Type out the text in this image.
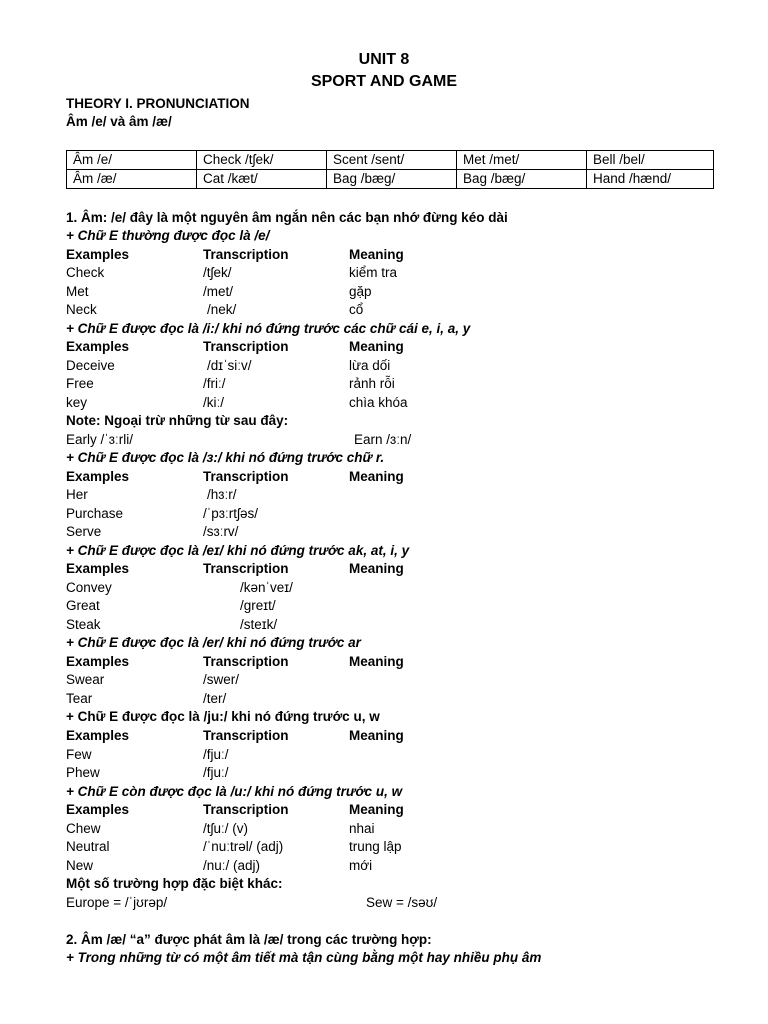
UNIT 8
SPORT AND GAME
THEORY I. PRONUNCIATION
Âm /e/ và âm /æ/
Âm /e/	Check /tʃek/	Scent /sent/	Met /met/	Bell /bel/
Âm /æ/	Cat /kæt/	Bag /bæg/	Bag /bæg/	Hand /hænd/
1. Âm: /e/ đây là một nguyên âm ngắn nên các bạn nhớ đừng kéo dài
+ Chữ E thường được đọc là /e/
Examples	Transcription	Meaning
Check	/tʃek/	kiểm tra
Met	/met/	gặp
Neck	/nek/	cổ
+ Chữ E được đọc là /i:/ khi nó đứng trước các chữ cái e, i, a, y
Examples	Transcription	Meaning
Deceive	/dɪˈsiːv/	lừa dối
Free	/friː/	rảnh rỗi
key	/kiː/	chìa khóa
Note: Ngoại trừ những từ sau đây:
Early /ˈɜːrli/	Earn /ɜːn/
+ Chữ E được đọc là /ɜ:/ khi nó đứng trước chữ r.
Examples	Transcription	Meaning
Her	/hɜːr/
Purchase	/ˈpɜːrtʃəs/
Serve	/sɜːrv/
+ Chữ E được đọc là /eɪ/ khi nó đứng trước ak, at, i, y
Examples	Transcription	Meaning
Convey	/kənˈveɪ/
Great	/greɪt/
Steak	/steɪk/
+ Chữ E được đọc là /er/ khi nó đứng trước ar
Examples	Transcription	Meaning
Swear	/swer/
Tear	/ter/
+ Chữ E được đọc là /ju:/ khi nó đứng trước u, w
Examples	Transcription	Meaning
Few	/fjuː/
Phew	/fjuː/
+ Chữ E còn được đọc là /u:/ khi nó đứng trước u, w
Examples	Transcription	Meaning
Chew	/tʃuː/ (v)	nhai
Neutral	/ˈnuːtrəl/ (adj)	trung lập
New	/nuː/ (adj)	mới
Một số trường hợp đặc biệt khác:
Europe = /ˈjʊrəp/	Sew = /səʊ/
2. Âm /æ/ “a” được phát âm là /æ/ trong các trường hợp:
+ Trong những từ có một âm tiết mà tận cùng bằng một hay nhiều phụ âm
